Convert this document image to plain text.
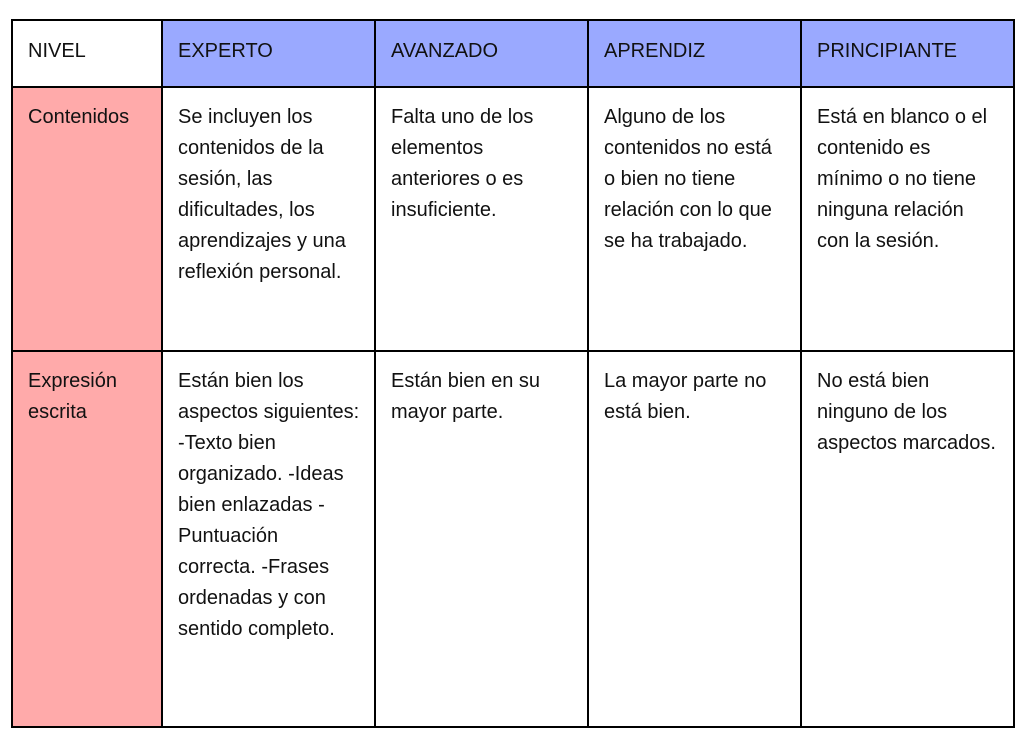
NIVEL	EXPERTO	AVANZADO	APRENDIZ	PRINCIPIANTE
Contenidos	Se incluyen los contenidos de la sesión, las dificultades, los aprendizajes y una reflexión personal.	Falta uno de los elementos anteriores o es insuficiente.	Alguno de los contenidos no está o bien no tiene relación con lo que se ha trabajado.	Está en blanco o el contenido es mínimo o no tiene ninguna relación con la sesión.
Expresión escrita	Están bien los aspectos siguientes: -Texto bien organizado. -Ideas bien enlazadas -Puntuación correcta. -Frases ordenadas y con sentido completo.	Están bien en su mayor parte.	La mayor parte no está bien.	No está bien ninguno de los aspectos marcados.
